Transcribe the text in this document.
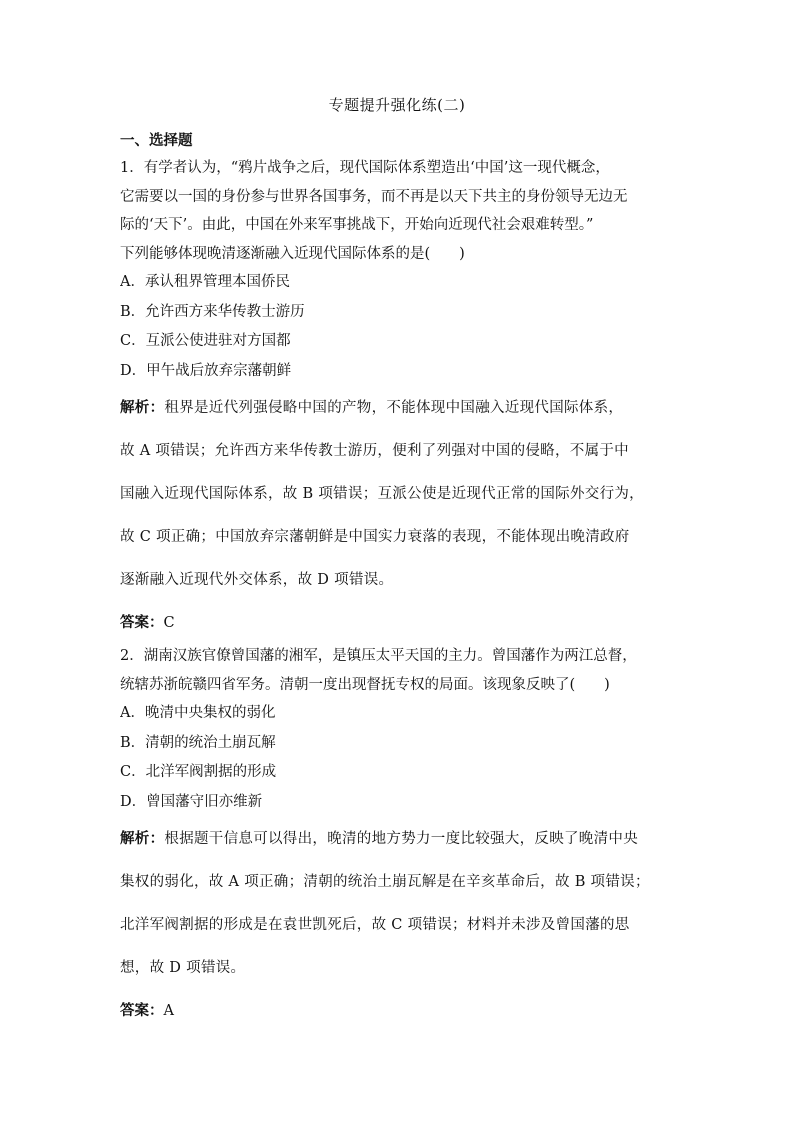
专题提升强化练(二)

一、选择题

1．有学者认为，“鸦片战争之后，现代国际体系塑造出‘中国’这一现代概念，

它需要以一国的身份参与世界各国事务，而不再是以天下共主的身份领导无边无

际的‘天下’。由此，中国在外来军事挑战下，开始向近现代社会艰难转型。”

下列能够体现晚清逐渐融入近现代国际体系的是(　　)

A．承认租界管理本国侨民

B．允许西方来华传教士游历

C．互派公使进驻对方国都

D．甲午战后放弃宗藩朝鲜

解析：租界是近代列强侵略中国的产物，不能体现中国融入近现代国际体系，

故 A 项错误；允许西方来华传教士游历，便利了列强对中国的侵略，不属于中

国融入近现代国际体系，故 B 项错误；互派公使是近现代正常的国际外交行为，

故 C 项正确；中国放弃宗藩朝鲜是中国实力衰落的表现，不能体现出晚清政府

逐渐融入近现代外交体系，故 D 项错误。

答案：C

2．湖南汉族官僚曾国藩的湘军，是镇压太平天国的主力。曾国藩作为两江总督，

统辖苏浙皖赣四省军务。清朝一度出现督抚专权的局面。该现象反映了(　　)

A．晚清中央集权的弱化

B．清朝的统治土崩瓦解

C．北洋军阀割据的形成

D．曾国藩守旧亦维新

解析：根据题干信息可以得出，晚清的地方势力一度比较强大，反映了晚清中央

集权的弱化，故 A 项正确；清朝的统治土崩瓦解是在辛亥革命后，故 B 项错误；

北洋军阀割据的形成是在袁世凯死后，故 C 项错误；材料并未涉及曾国藩的思

想，故 D 项错误。

答案：A
